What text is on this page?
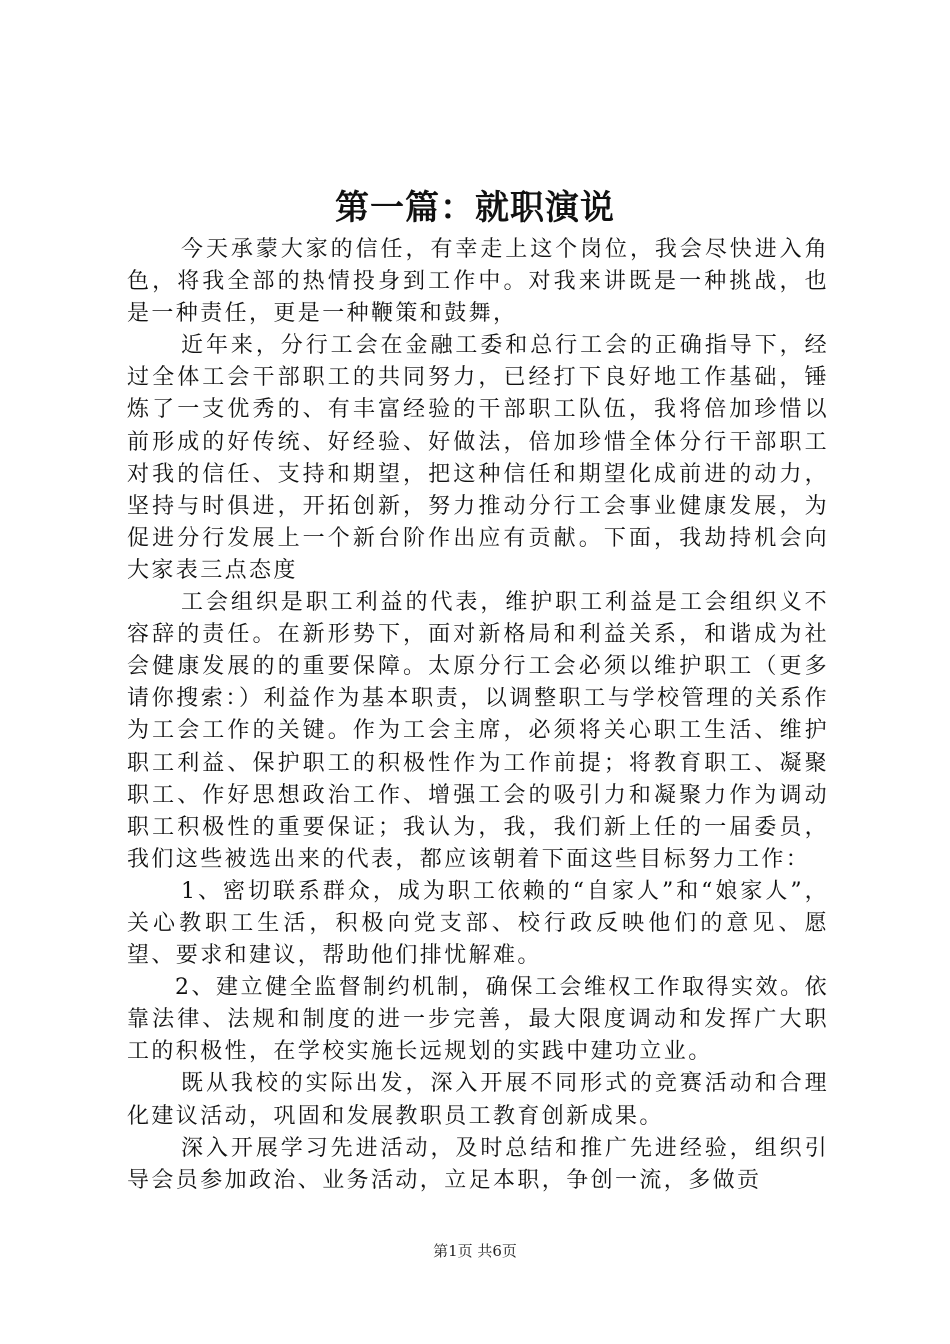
第一篇：就职演说

今天承蒙大家的信任，有幸走上这个岗位，我会尽快进入角色，将我全部的热情投身到工作中。对我来讲既是一种挑战，也是一种责任，更是一种鞭策和鼓舞，

近年来，分行工会在金融工委和总行工会的正确指导下，经过全体工会干部职工的共同努力，已经打下良好地工作基础，锤炼了一支优秀的、有丰富经验的干部职工队伍，我将倍加珍惜以前形成的好传统、好经验、好做法，倍加珍惜全体分行干部职工对我的信任、支持和期望，把这种信任和期望化成前进的动力，坚持与时俱进，开拓创新，努力推动分行工会事业健康发展，为促进分行发展上一个新台阶作出应有贡献。下面，我劫持机会向大家表三点态度

工会组织是职工利益的代表，维护职工利益是工会组织义不容辞的责任。在新形势下，面对新格局和利益关系，和谐成为社会健康发展的的重要保障。太原分行工会必须以维护职工（更多请你搜索：）利益作为基本职责，以调整职工与学校管理的关系作为工会工作的关键。作为工会主席，必须将关心职工生活、维护职工利益、保护职工的积极性作为工作前提；将教育职工、凝聚职工、作好思想政治工作、增强工会的吸引力和凝聚力作为调动职工积极性的重要保证；我认为，我，我们新上任的一届委员，我们这些被选出来的代表，都应该朝着下面这些目标努力工作：

1、密切联系群众，成为职工依赖的“自家人”和“娘家人”，关心教职工生活，积极向党支部、校行政反映他们的意见、愿望、要求和建议，帮助他们排忧解难。

2、建立健全监督制约机制，确保工会维权工作取得实效。依靠法律、法规和制度的进一步完善，最大限度调动和发挥广大职工的积极性，在学校实施长远规划的实践中建功立业。

既从我校的实际出发，深入开展不同形式的竞赛活动和合理化建议活动，巩固和发展教职员工教育创新成果。

深入开展学习先进活动，及时总结和推广先进经验，组织引导会员参加政治、业务活动，立足本职，争创一流，多做贡

第1页 共6页
